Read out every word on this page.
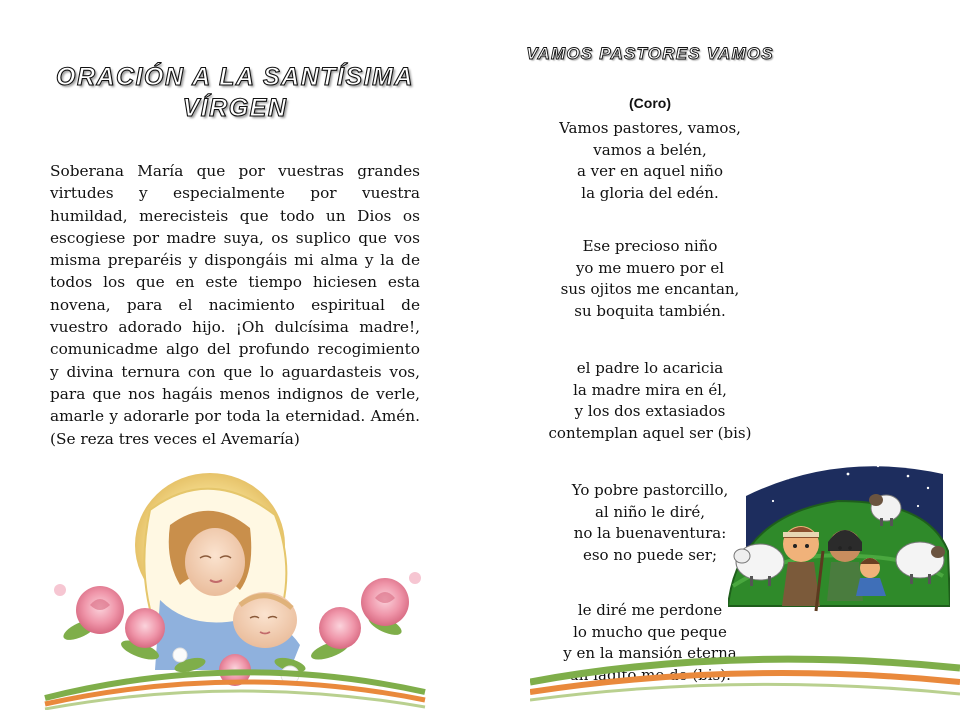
ORACIÓN A LA SANTÍSIMA VÍRGEN
Soberana María que por vuestras grandes virtudes y especialmente por vuestra humildad, merecisteis que todo un Dios os escogiese por madre suya, os suplico que vos misma preparéis y dispongáis mi alma y la de todos los que en este tiempo hiciesen esta novena, para el nacimiento espiritual de vuestro adorado hijo. ¡Oh dulcísima madre!, comunicadme algo del profundo recogimiento y divina ternura con que lo aguardasteis vos, para que nos hagáis menos indignos de verle, amarle y adorarle por toda la eternidad. Amén. (Se reza tres veces el Avemaría)
VAMOS PASTORES VAMOS
(Coro)
Vamos pastores, vamos,
vamos a belén,
a ver en aquel niño
la gloria del edén.
Ese precioso niño
yo me muero por el
sus ojitos me encantan,
su boquita también.
el padre lo acaricia
la madre mira en él,
y los dos extasiados
contemplan aquel ser (bis)
Yo pobre pastorcillo,
al niño le diré,
no la buenaventura:
eso no puede ser;
le diré me perdone
lo mucho que peque
y en la mansión eterna
un ladito me de (bis).
